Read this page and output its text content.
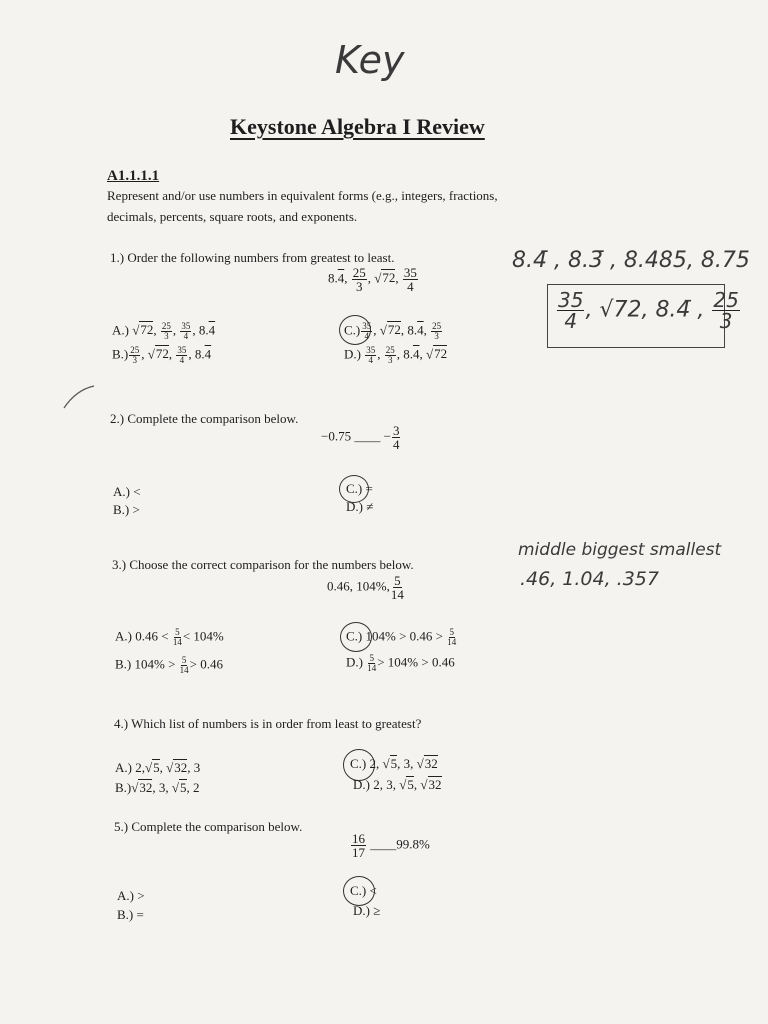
Key
Keystone Algebra I Review
A1.1.1.1
Represent and/or use numbers in equivalent forms (e.g., integers, fractions,
decimals, percents, square roots, and exponents.
1.) Order the following numbers from greatest to least.
8.4, $\frac{25}{3}$ , √72, $\frac{35}{4}$
8.4̄ , 8.3̄ , 8.485, 8.75
$\frac{35}{4}$ , √72, 8.4̄ , $\frac{25}{3}$
A.) √72, $\frac{25}{3}$ , $\frac{35}{4}$ , 8.4
$B.) \frac{25}{3}$ , √72, $\frac{35}{4}$ , 8.4
$C.) \frac{35}{4}$ , √72, 8.4, $\frac{25}{3}$
$D.) \frac{35}{4}$ , $\frac{25}{3}$ , 8.4, √72
2.) Complete the comparison below.
−0.75 ____ − $\frac{3}{4}$
A.) <
B.) >
C.) =
D.) ≠
3.) Choose the correct comparison for the numbers below.
0.46, 104%, $\frac{5}{14}$
middle biggest smallest
.46, 1.04, .357
A.) $0.46 < \frac{5}{14} < 104\%$
B.) $104\% > \frac{5}{14} > 0.46$
C.) $104\% > 0.46 > \frac{5}{14}$
$D.) \frac{5}{14} > 104\% > 0.46$
4.) Which list of numbers is in order from least to greatest?
A.) 2,√5, √32, 3
B.)√32, 3, √5, 2
C.) 2, √5, 3, √32
D.) 2, 3, √5, √32
5.) Complete the comparison below.
$\frac{16}{17}$ ____99.8%
A.) >
B.) =
C.) <
D.) ≥
